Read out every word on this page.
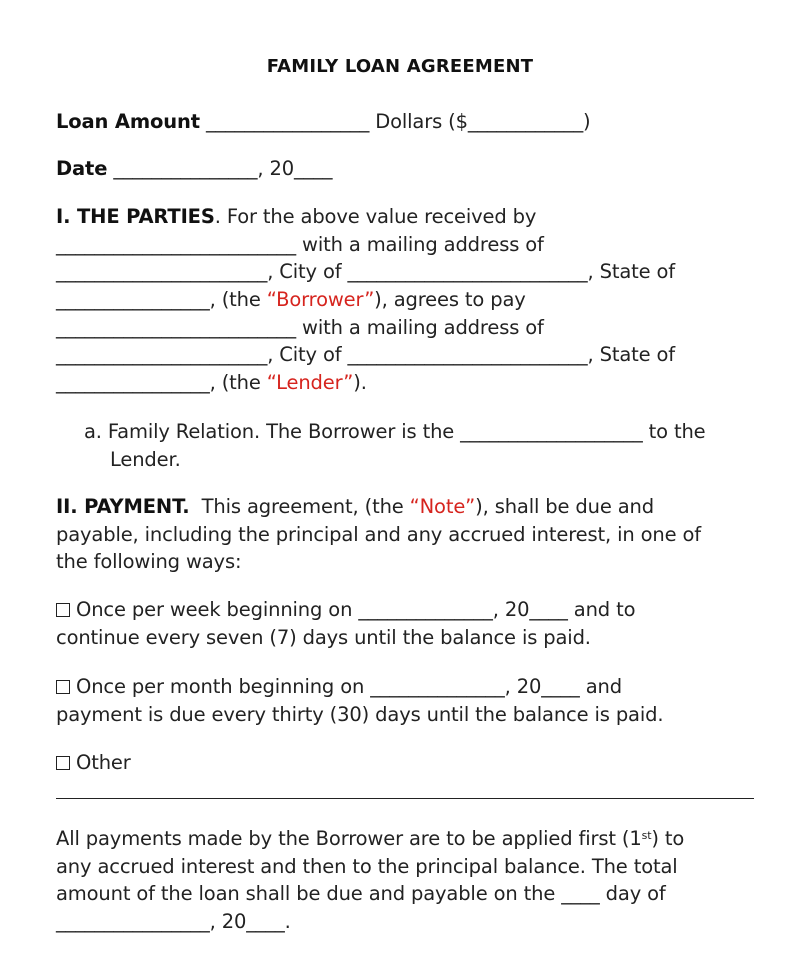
FAMILY LOAN AGREEMENT

Loan Amount _________________ Dollars ($____________)

Date _______________, 20____

I. THE PARTIES. For the above value received by

_________________________ with a mailing address of

______________________, City of _________________________, State of

________________, (the “Borrower”), agrees to pay

_________________________ with a mailing address of

______________________, City of _________________________, State of

________________, (the “Lender”).

a. Family Relation. The Borrower is the ___________________ to the

Lender.

II. PAYMENT.  This agreement, (the “Note”), shall be due and

payable, including the principal and any accrued interest, in one of

the following ways:

Once per week beginning on ______________, 20____ and to

continue every seven (7) days until the balance is paid.

Once per month beginning on ______________, 20____ and

payment is due every thirty (30) days until the balance is paid.

Other

All payments made by the Borrower are to be applied first (1st) to

any accrued interest and then to the principal balance. The total

amount of the loan shall be due and payable on the ____ day of

________________, 20____.
